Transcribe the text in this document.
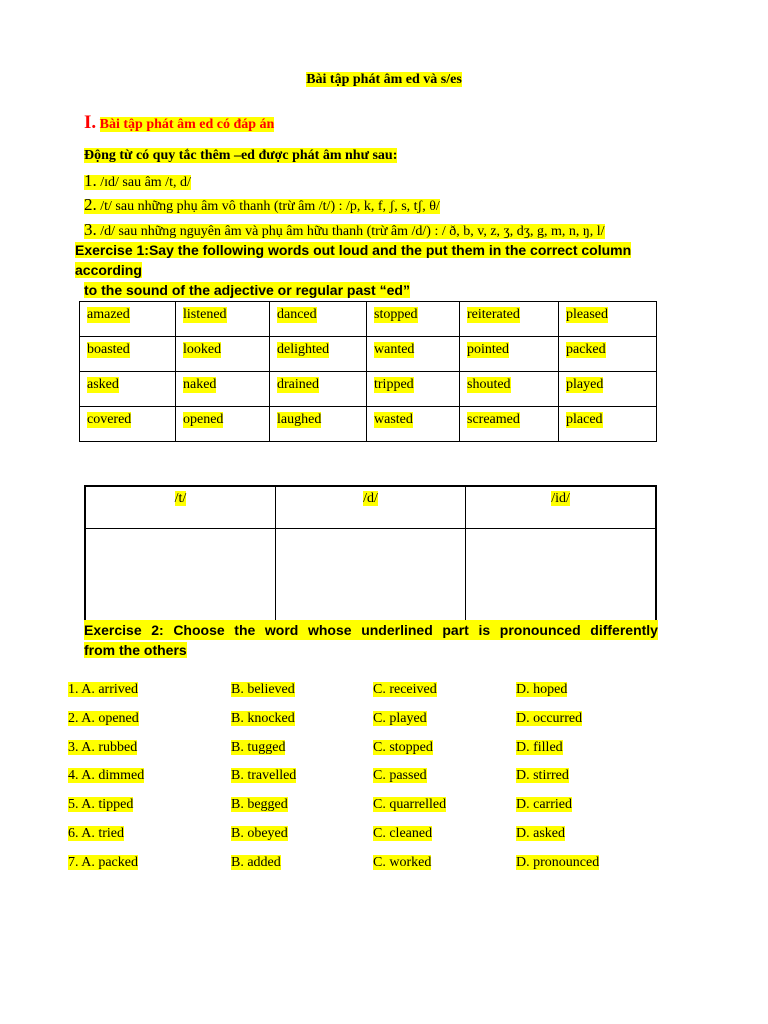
Bài tập phát âm ed và s/es
I. Bài tập phát âm ed có đáp án
Động từ có quy tắc thêm –ed được phát âm như sau:
1. /ɪd/ sau âm /t, d/
2. /t/ sau những phụ âm vô thanh (trừ âm /t/) : /p, k, f, ʃ, s, tʃ, θ/
3. /d/ sau những nguyên âm và phụ âm hữu thanh (trừ âm /d/) : / ð, b, v, z, ʒ, dʒ, g, m, n, ŋ, l/
Exercise 1:Say the following words out loud and the put them in the correct column according
to the sound of the adjective or regular past “ed”
amazed	listened	danced	stopped	reiterated	pleased
boasted	looked	delighted	wanted	pointed	packed
asked	naked	drained	tripped	shouted	played
covered	opened	laughed	wasted	screamed	placed
/t/	/d/	/id/

Exercise 2: Choose the word whose underlined part is pronounced differently
from the others
1. A. arrived	B. believed	C. received	D. hoped
2. A. opened	B. knocked	C. played	D. occurred
3. A. rubbed	B. tugged	C. stopped	D. filled
4. A. dimmed	B. travelled	C. passed	D. stirred
5. A. tipped	B. begged	C. quarrelled	D. carried
6. A. tried	B. obeyed	C. cleaned	D. asked
7. A. packed	B. added	C. worked	D. pronounced
